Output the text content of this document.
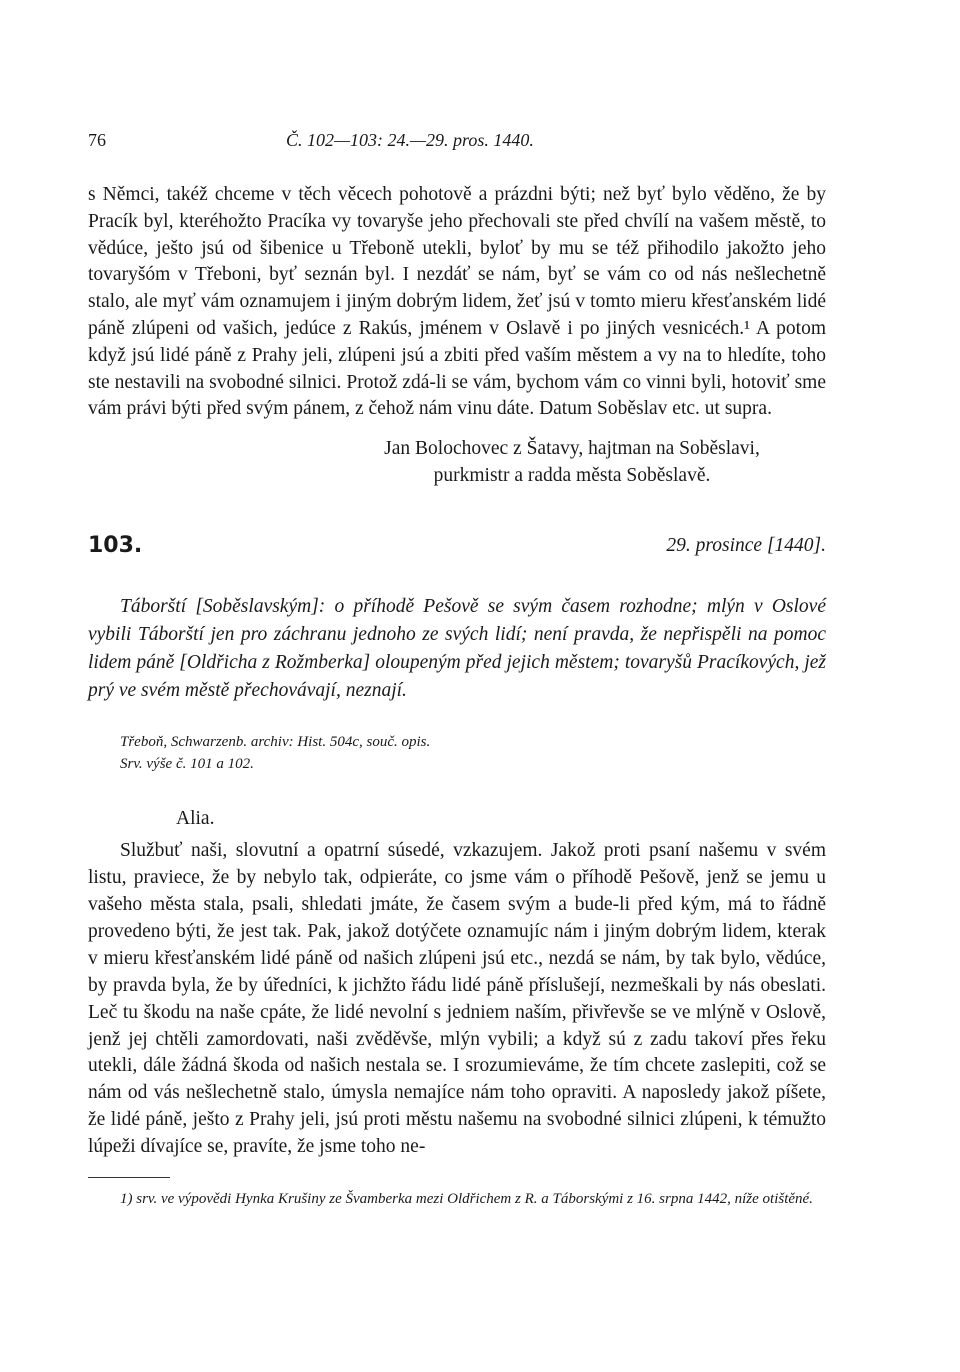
76	Č. 102—103: 24.—29. pros. 1440.

s Němci, takéž chceme v těch věcech pohotově a prázdni býti; než byť bylo věděno, že by Pracík byl, kteréhožto Pracíka vy tovaryše jeho přechovali ste před chvílí na vašem městě, to vědúce, ješto jsú od šibenice u Třeboně utekli, byloť by mu se též přihodilo jakožto jeho tovaryšóm v Třeboni, byť seznán byl. I nezdáť se nám, byť se vám co od nás nešlechetně stalo, ale myť vám oznamujem i jiným dobrým lidem, žeť jsú v tomto mieru křesťanském lidé páně zlúpeni od vašich, jedúce z Rakús, jménem v Oslavě i po jiných vesnicéch.¹ A potom když jsú lidé páně z Prahy jeli, zlúpeni jsú a zbiti před vaším městem a vy na to hledíte, toho ste nestavili na svobodné silnici. Protož zdá-li se vám, bychom vám co vinni byli, hotoviť sme vám právi býti před svým pánem, z čehož nám vinu dáte. Datum Soběslav etc. ut supra.

Jan Bolochovec z Šatavy, hajtman na Soběslavi,
purkmistr a radda města Soběslavě.
103.	29. prosince [1440].

Táborští [Soběslavským]: o příhodě Pešově se svým časem rozhodne; mlýn v Oslové vybili Táborští jen pro záchranu jednoho ze svých lidí; není pravda, že nepřispěli na pomoc lidem páně [Oldřicha z Rožmberka] oloupeným před jejich městem; tovaryšů Pracíkových, jež prý ve svém městě přechovávají, neznají.

Třeboň, Schwarzenb. archiv: Hist. 504c, souč. opis.
Srv. výše č. 101 a 102.
Alia.

Službuť naši, slovutní a opatrní súsedé, vzkazujem. Jakož proti psaní našemu v svém listu, praviece, že by nebylo tak, odpieráte, co jsme vám o příhodě Pešově, jenž se jemu u vašeho města stala, psali, shledati jmáte, že časem svým a bude-li před kým, má to řádně provedeno býti, že jest tak. Pak, jakož dotýčete oznamujíc nám i jiným dobrým lidem, kterak v mieru křesťanském lidé páně od našich zlúpeni jsú etc., nezdá se nám, by tak bylo, vědúce, by pravda byla, že by úředníci, k jichžto řádu lidé páně příslušejí, nezmeškali by nás obeslati. Leč tu škodu na naše cpáte, že lidé nevolní s jedniem naším, přivřevše se ve mlýně v Oslově, jenž jej chtěli zamordovati, naši zvěděvše, mlýn vybili; a když sú z zadu takoví přes řeku utekli, dále žádná škoda od našich nestala se. I srozumieváme, že tím chcete zaslepiti, což se nám od vás nešlechetně stalo, úmysla nemajíce nám toho opraviti. A naposledy jakož píšete, že lidé páně, ješto z Prahy jeli, jsú proti městu našemu na svobodné silnici zlúpeni, k témužto lúpeži dívajíce se, pravíte, že jsme toho ne-

1) srv. ve výpovědi Hynka Krušiny ze Švamberka mezi Oldřichem z R. a Táborskými z 16. srpna 1442, níže otištěné.
